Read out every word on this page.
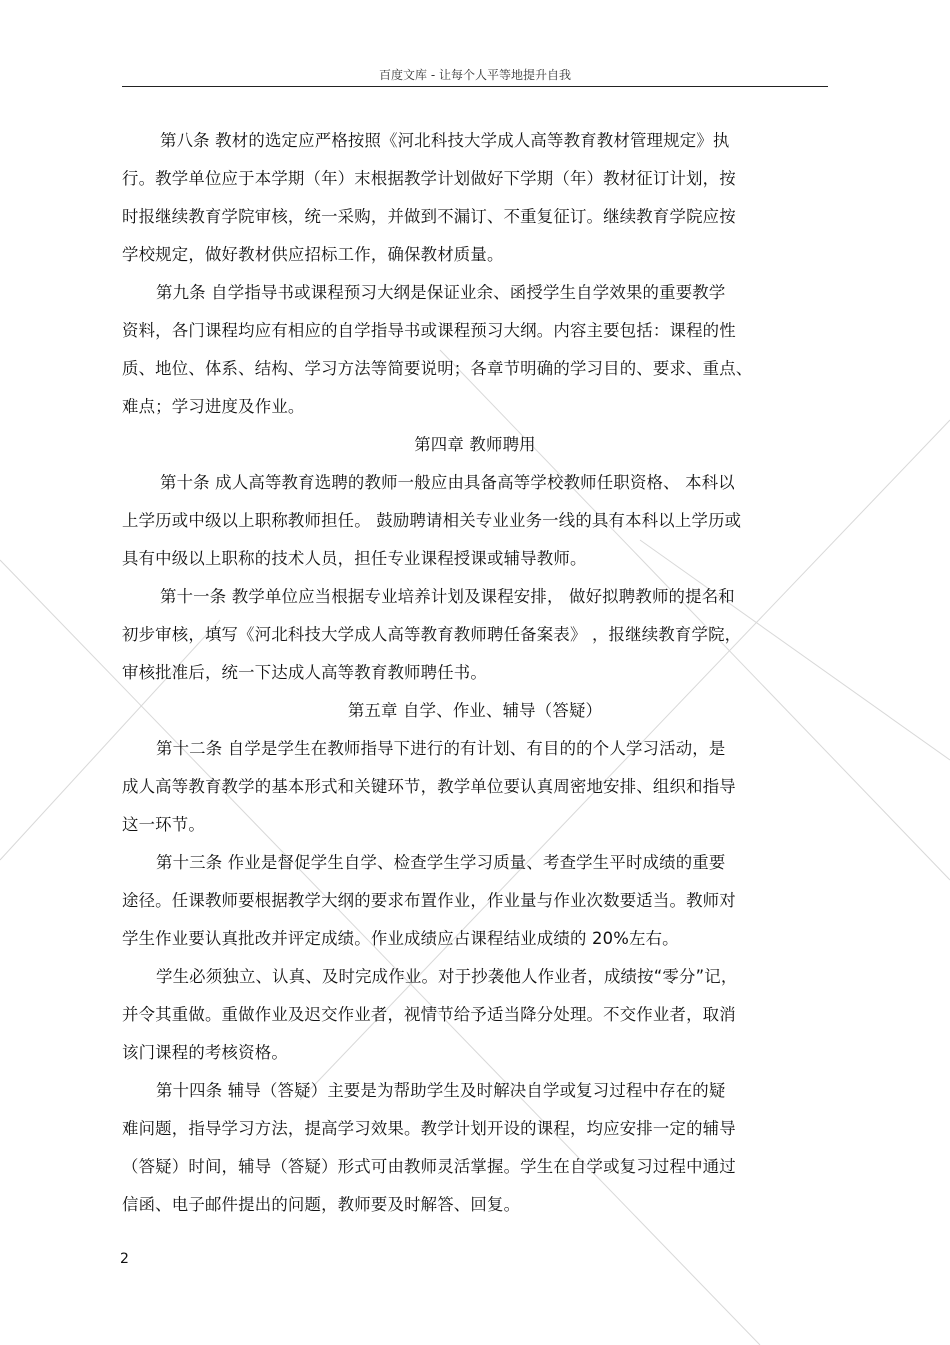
百度文库 - 让每个人平等地提升自我
第八条 教材的选定应严格按照《河北科技大学成人高等教育教材管理规定》执
行。教学单位应于本学期（年）末根据教学计划做好下学期（年）教材征订计划，按
时报继续教育学院审核，统一采购，并做到不漏订、不重复征订。继续教育学院应按
学校规定，做好教材供应招标工作，确保教材质量。
第九条 自学指导书或课程预习大纲是保证业余、函授学生自学效果的重要教学
资料，各门课程均应有相应的自学指导书或课程预习大纲。内容主要包括：课程的性
质、地位、体系、结构、学习方法等简要说明；各章节明确的学习目的、要求、重点、
难点；学习进度及作业。
第四章 教师聘用
第十条 成人高等教育选聘的教师一般应由具备高等学校教师任职资格、 本科以
上学历或中级以上职称教师担任。 鼓励聘请相关专业业务一线的具有本科以上学历或
具有中级以上职称的技术人员，担任专业课程授课或辅导教师。
第十一条 教学单位应当根据专业培养计划及课程安排， 做好拟聘教师的提名和
初步审核，填写《河北科技大学成人高等教育教师聘任备案表》 ，报继续教育学院，
审核批准后，统一下达成人高等教育教师聘任书。
第五章 自学、作业、辅导（答疑）
第十二条 自学是学生在教师指导下进行的有计划、有目的的个人学习活动，是
成人高等教育教学的基本形式和关键环节，教学单位要认真周密地安排、组织和指导
这一环节。
第十三条 作业是督促学生自学、检查学生学习质量、考查学生平时成绩的重要
途径。任课教师要根据教学大纲的要求布置作业，作业量与作业次数要适当。教师对
学生作业要认真批改并评定成绩。作业成绩应占课程结业成绩的 20%左右。
学生必须独立、认真、及时完成作业。对于抄袭他人作业者，成绩按“零分”记，
并令其重做。重做作业及迟交作业者，视情节给予适当降分处理。不交作业者，取消
该门课程的考核资格。
第十四条 辅导（答疑）主要是为帮助学生及时解决自学或复习过程中存在的疑
难问题，指导学习方法，提高学习效果。教学计划开设的课程，均应安排一定的辅导
（答疑）时间，辅导（答疑）形式可由教师灵活掌握。学生在自学或复习过程中通过
信函、电子邮件提出的问题，教师要及时解答、回复。
2
